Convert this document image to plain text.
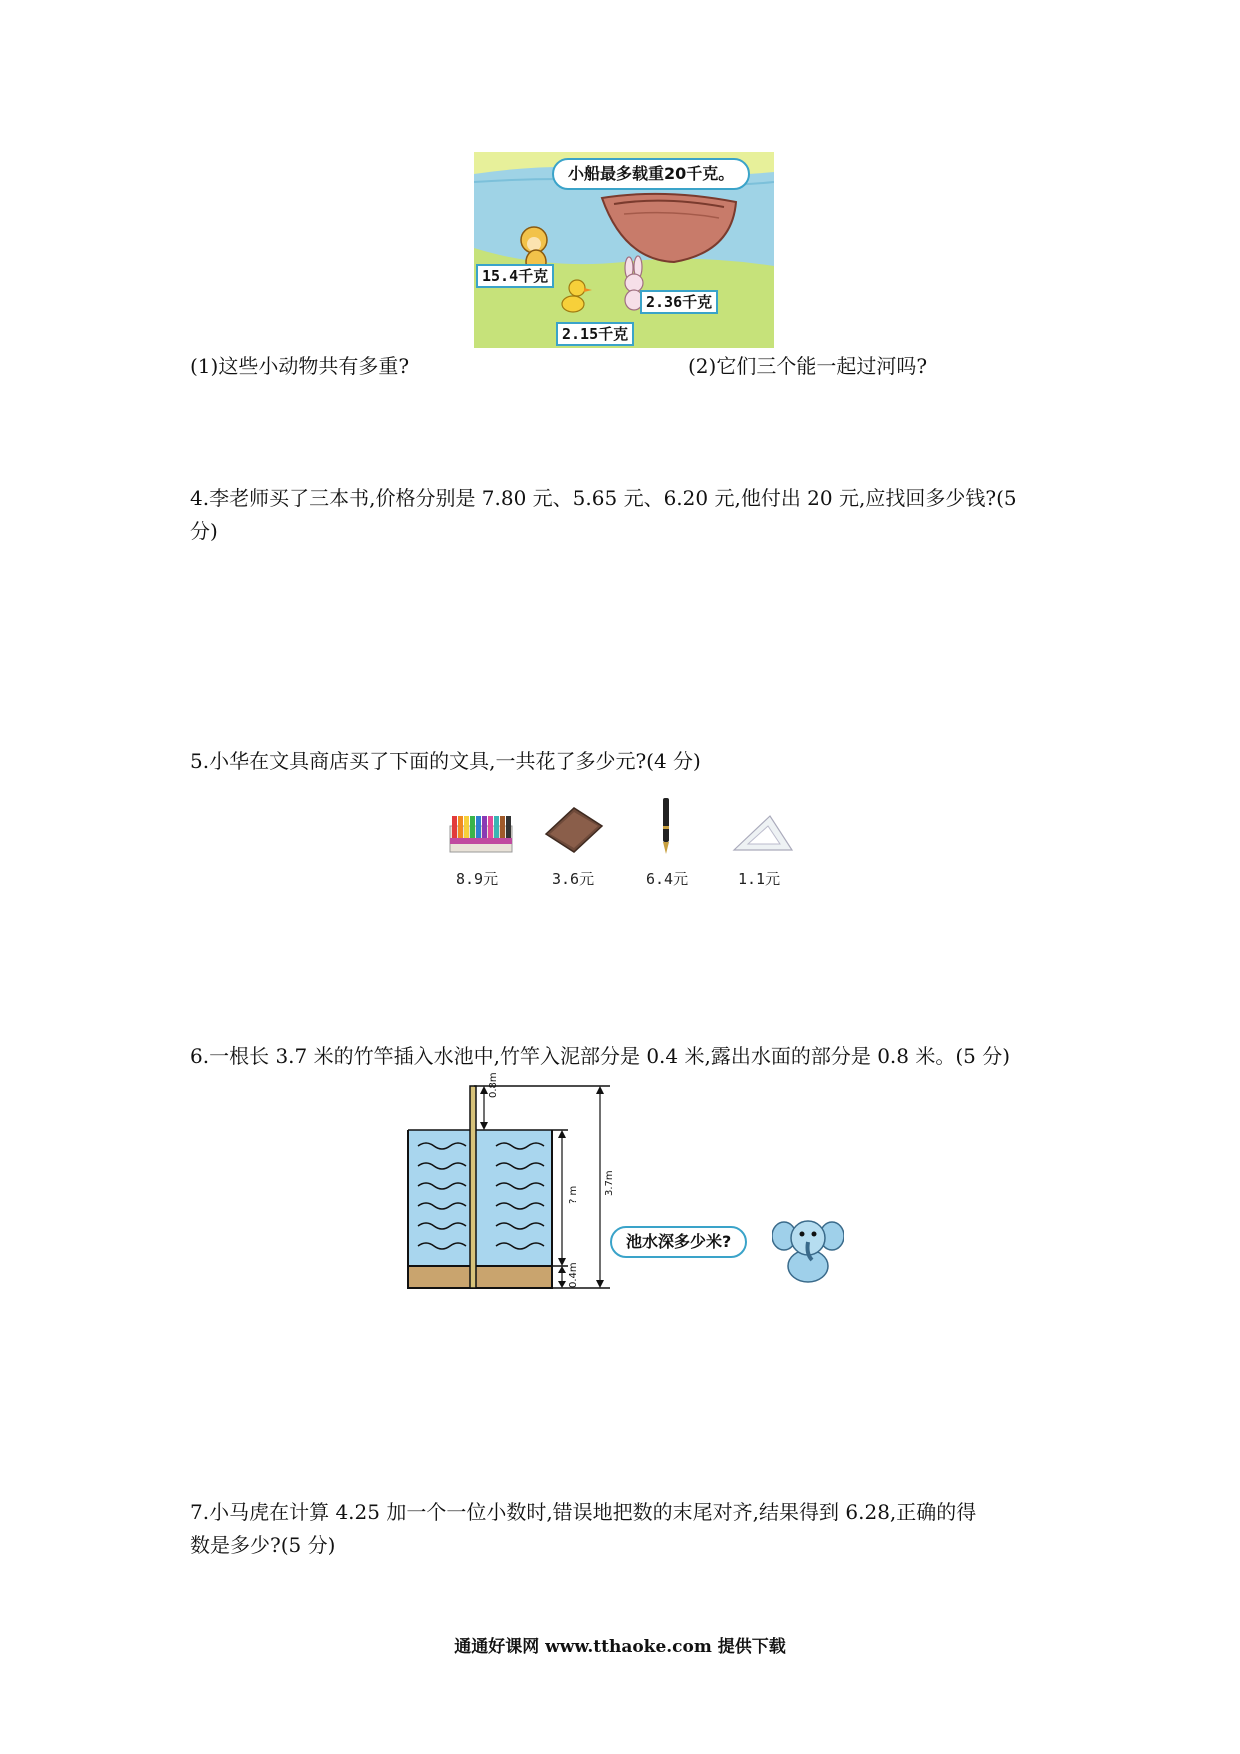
小船最多载重20千克。
15.4千克
2.36千克
2.15千克
(1)这些小动物共有多重?	(2)它们三个能一起过河吗?
4.李老师买了三本书,价格分别是 7.80 元、5.65 元、6.20 元,他付出 20 元,应找回多少钱?(5
分)
5.小华在文具商店买了下面的文具,一共花了多少元?(4 分)
8.9元	3.6元	6.4元	1.1元
6.一根长 3.7 米的竹竿插入水池中,竹竿入泥部分是 0.4 米,露出水面的部分是 0.8 米。(5 分)
0.8m
? m	3.7m
0.4m
池水深多少米?
7.小马虎在计算 4.25 加一个一位小数时,错误地把数的末尾对齐,结果得到 6.28,正确的得
数是多少?(5 分)
通通好课网 www.tthaoke.com 提供下载
